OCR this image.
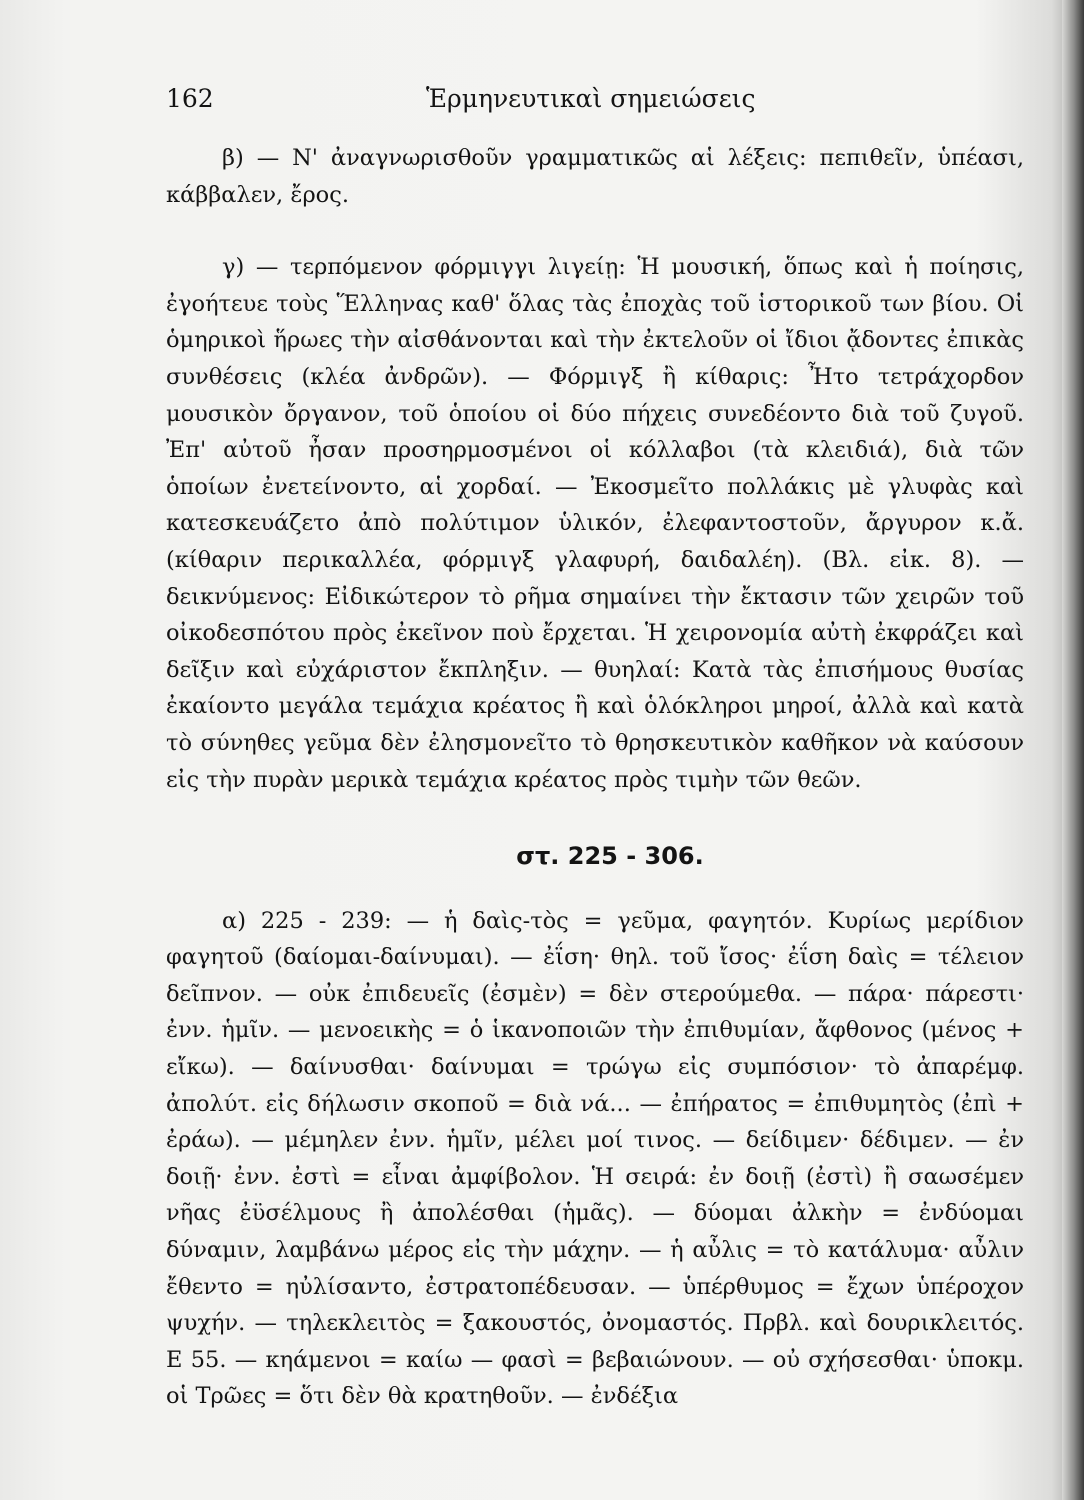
162	Ἑρμηνευτικαὶ σημειώσεις

β) — Ν' ἀναγνωρισθοῦν γραμματικῶς αἱ λέξεις: πεπιθεῖν, ὑπέασι, κάββαλεν, ἔρος.

γ) — τερπόμενον φόρμιγγι λιγείῃ: Ἡ μουσική, ὅπως καὶ ἡ ποίησις, ἐγοήτευε τοὺς Ἕλληνας καθ' ὅλας τὰς ἐποχὰς τοῦ ἱστορικοῦ των βίου. Οἱ ὁμηρικοὶ ἥρωες τὴν αἰσθάνονται καὶ τὴν ἐκτελοῦν οἱ ἴδιοι ᾄδοντες ἐπικὰς συνθέσεις (κλέα ἀνδρῶν). — Φόρμιγξ ἢ κίθαρις: Ἦτο τετράχορδον μουσικὸν ὄργανον, τοῦ ὁποίου οἱ δύο πήχεις συνεδέοντο διὰ τοῦ ζυγοῦ. Ἐπ' αὐτοῦ ἦσαν προσηρμοσμένοι οἱ κόλλαβοι (τὰ κλειδιά), διὰ τῶν ὁποίων ἐνετείνοντο, αἱ χορδαί. — Ἐκοσμεῖτο πολλάκις μὲ γλυφὰς καὶ κατεσκευάζετο ἀπὸ πολύτιμον ὑλικόν, ἐλεφαντοστοῦν, ἄργυρον κ.ἄ. (κίθαριν περικαλλέα, φόρμιγξ γλαφυρή, δαιδαλέη). (Βλ. εἰκ. 8). — δεικνύμενος: Εἰδικώτερον τὸ ρῆμα σημαίνει τὴν ἔκτασιν τῶν χειρῶν τοῦ οἰκοδεσπότου πρὸς ἐκεῖνον ποὺ ἔρχεται. Ἡ χειρονομία αὐτὴ ἐκφράζει καὶ δεῖξιν καὶ εὐχάριστον ἔκπληξιν. — θυηλαί: Κατὰ τὰς ἐπισήμους θυσίας ἐκαίοντο μεγάλα τεμάχια κρέατος ἢ καὶ ὁλόκληροι μηροί, ἀλλὰ καὶ κατὰ τὸ σύνηθες γεῦμα δὲν ἐλησμονεῖτο τὸ θρησκευτικὸν καθῆκον νὰ καύσουν εἰς τὴν πυρὰν μερικὰ τεμάχια κρέατος πρὸς τιμὴν τῶν θεῶν.

στ. 225 - 306.

α) 225 - 239: — ἡ δαὶς-τὸς = γεῦμα, φαγητόν. Κυρίως μερίδιον φαγητοῦ (δαίομαι-δαίνυμαι). — ἐΐση· θηλ. τοῦ ἴσος· ἐΐση δαὶς = τέλειον δεῖπνον. — οὐκ ἐπιδευεῖς (ἐσμὲν) = δὲν στερούμεθα. — πάρα· πάρεστι· ἐνν. ἡμῖν. — μενοεικὴς = ὁ ἱκανοποιῶν τὴν ἐπιθυμίαν, ἄφθονος (μένος + εἴκω). — δαίνυσθαι· δαίνυμαι = τρώγω εἰς συμπόσιον· τὸ ἀπαρέμφ. ἀπολύτ. εἰς δήλωσιν σκοποῦ = διὰ νά... — ἐπήρατος = ἐπιθυμητὸς (ἐπὶ + ἐράω). — μέμηλεν ἐνν. ἡμῖν, μέλει μοί τινος. — δείδιμεν· δέδιμεν. — ἐν δοιῇ· ἐνν. ἐστὶ = εἶναι ἀμφίβολον. Ἡ σειρά: ἐν δοιῇ (ἐστὶ) ἢ σαωσέμεν νῆας ἐϋσέλμους ἢ ἀπολέσθαι (ἡμᾶς). — δύομαι ἀλκὴν = ἐνδύομαι δύναμιν, λαμβάνω μέρος εἰς τὴν μάχην. — ἡ αὖλις = τὸ κατάλυμα· αὖλιν ἔθεντο = ηὐλίσαντο, ἐστρατοπέδευσαν. — ὑπέρθυμος = ἔχων ὑπέροχον ψυχήν. — τηλεκλειτὸς = ξακουστός, ὀνομαστός. Πρβλ. καὶ δουρικλειτός. Ε 55. — κηάμενοι = καίω — φασὶ = βεβαιώνουν. — οὐ σχήσεσθαι· ὑποκμ. οἱ Τρῶες = ὅτι δὲν θὰ κρατηθοῦν. — ἐνδέξια
